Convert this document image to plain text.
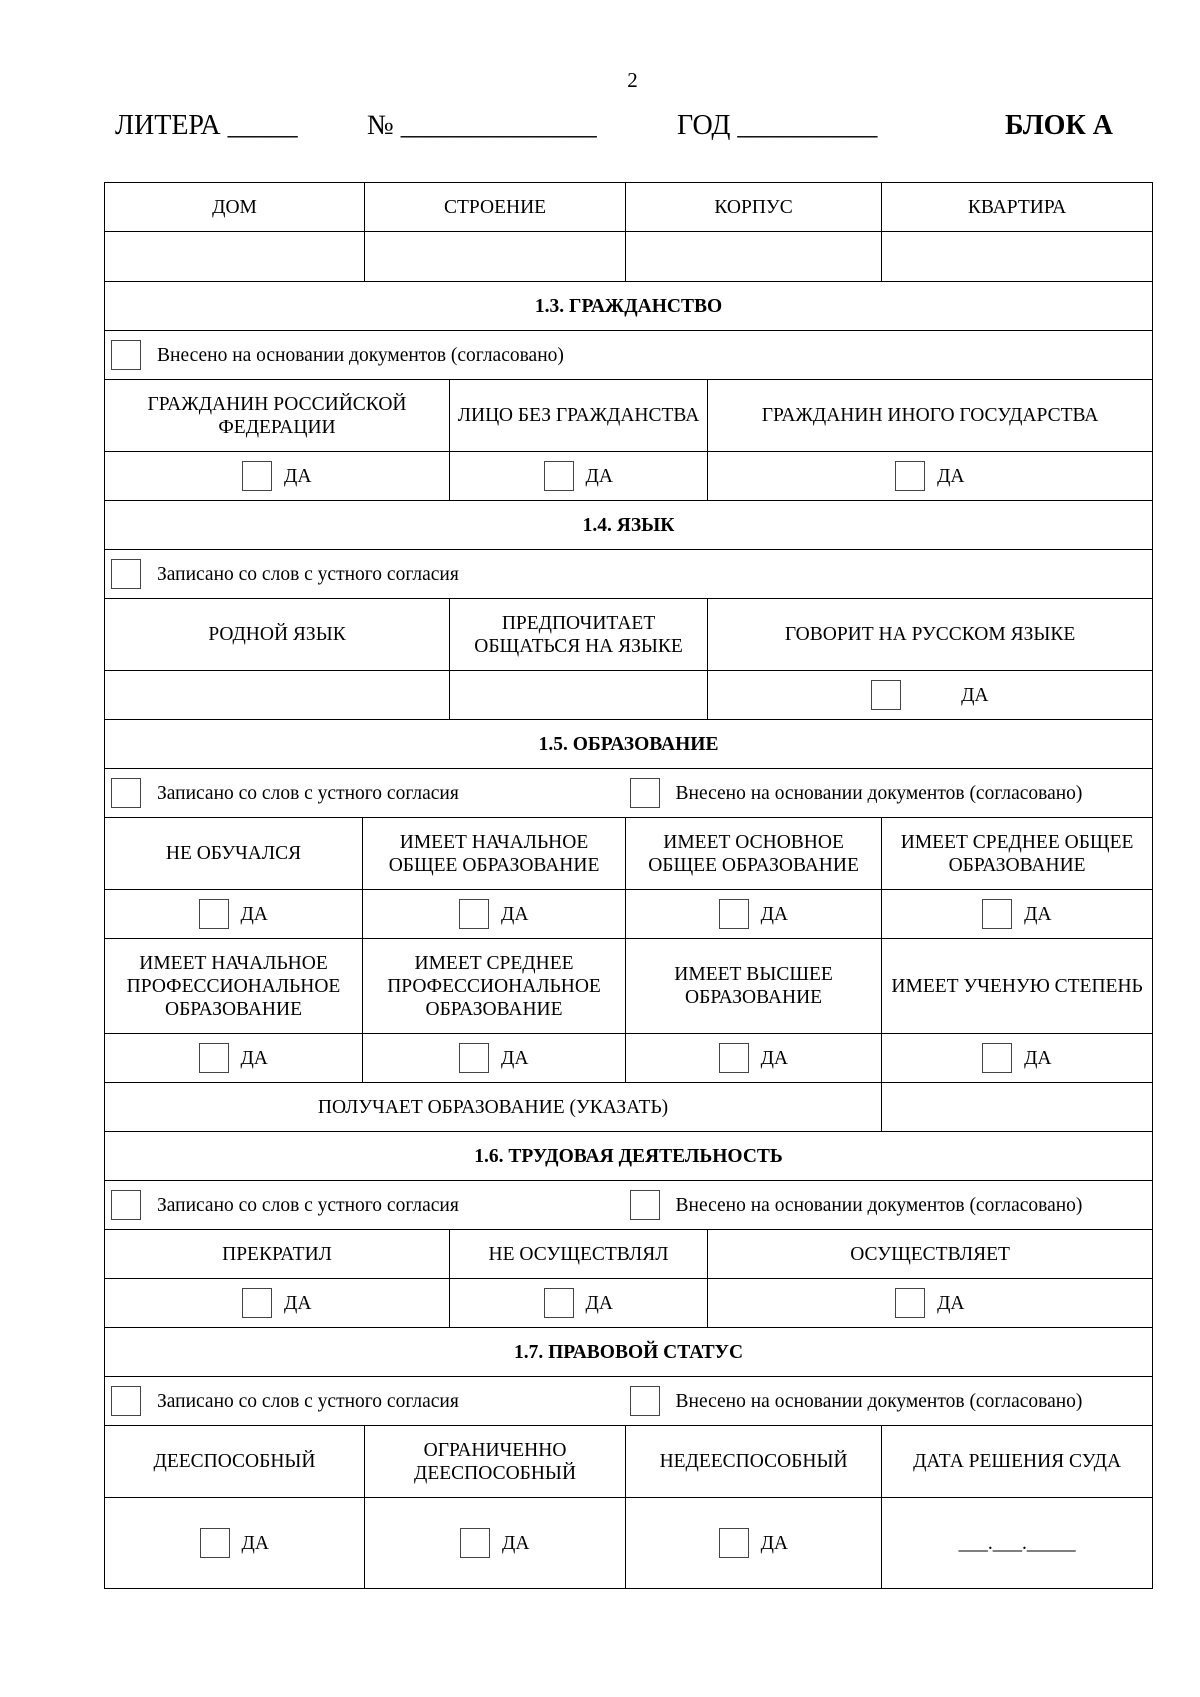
2
ЛИТЕРА _____ № ______________	ГОД __________	БЛОК А
ДОМ		СТРОЕНИЕ		КОРПУС		КВАРТИРА

1.3. ГРАЖДАНСТВО						

Внесено на основании документов (согласовано)						

ГРАЖДАНИН РОССИЙСКОЙ ФЕДЕРАЦИИ			ЛИЦО БЕЗ ГРАЖДАНСТВА		ГРАЖДАНИН ИНОГО ГОСУДАРСТВА	
ДА			ДА		ДА	
1.4. ЯЗЫК						

Записано со слов с устного согласия						

РОДНОЙ ЯЗЫК			ПРЕДПОЧИТАЕТ ОБЩАТЬСЯ НА ЯЗЫКЕ		ГОВОРИТ НА РУССКОМ ЯЗЫКЕ	
					ДА	
1.5. ОБРАЗОВАНИЕ						

Записано со слов с устного согласия Внесено на основании документов (согласовано)						

НЕ ОБУЧАЛСЯ	ИМЕЕТ НАЧАЛЬНОЕ ОБЩЕЕ ОБРАЗОВАНИЕ			ИМЕЕТ ОСНОВНОЕ ОБЩЕЕ ОБРАЗОВАНИЕ		ИМЕЕТ СРЕДНЕЕ ОБЩЕЕ ОБРАЗОВАНИЕ
ДА	ДА			ДА		ДА
ИМЕЕТ НАЧАЛЬНОЕ ПРОФЕССИОНАЛЬНОЕ ОБРАЗОВАНИЕ	ИМЕЕТ СРЕДНЕЕ ПРОФЕССИОНАЛЬНОЕ ОБРАЗОВАНИЕ			ИМЕЕТ ВЫСШЕЕ ОБРАЗОВАНИЕ		ИМЕЕТ УЧЕНУЮ СТЕПЕНЬ
ДА	ДА			ДА		ДА
ПОЛУЧАЕТ ОБРАЗОВАНИЕ (УКАЗАТЬ)						
1.6. ТРУДОВАЯ ДЕЯТЕЛЬНОСТЬ						

Записано со слов с устного согласия Внесено на основании документов (согласовано)						

ПРЕКРАТИЛ			НЕ ОСУЩЕСТВЛЯЛ		ОСУЩЕСТВЛЯЕТ	
ДА			ДА		ДА	
1.7. ПРАВОВОЙ СТАТУС						

Записано со слов с устного согласия Внесено на основании документов (согласовано)						

ДЕЕСПОСОБНЫЙ		ОГРАНИЧЕННО ДЕЕСПОСОБНЫЙ		НЕДЕЕСПОСОБНЫЙ		ДАТА РЕШЕНИЯ СУДА
ДА		ДА		ДА		___.___._____
